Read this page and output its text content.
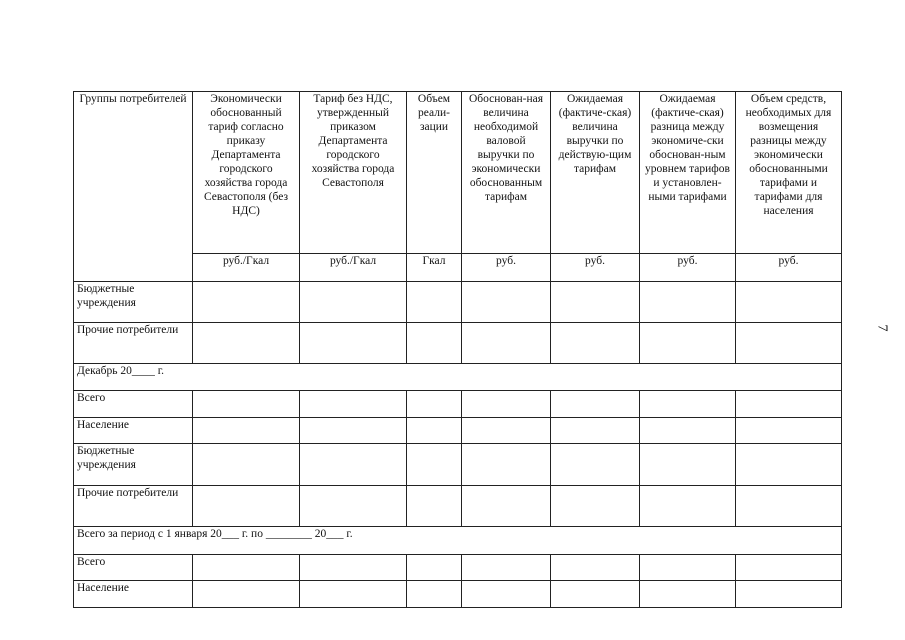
Группы потребителей	Экономически обоснованный тариф согласно приказу Департамента городского хозяйства города Севастополя (без НДС)	Тариф без НДС, утвержденный приказом Департамента городского хозяйства города Севастополя	Объем реали-зации	Обоснован-ная величина необходимой валовой выручки по экономически обоснованным тарифам	Ожидаемая (фактиче-ская) величина выручки по действую-щим тарифам	Ожидаемая (фактиче-ская) разница между экономиче-ски обоснован-ным уровнем тарифов и установлен-ными тарифами	Объем средств, необходимых для возмещения разницы между экономически обоснованными тарифами и тарифами для населения
	руб./Гкал	руб./Гкал	Гкал	руб.	руб.	руб.	руб.
Бюджетные учреждения							
Прочие потребители							
Декабрь 20____ г.							
Всего							
Население							
Бюджетные учреждения							
Прочие потребители							
Всего за период с 1 января 20___ г. по ________ 20___ г.							
Всего							
Население							
7
